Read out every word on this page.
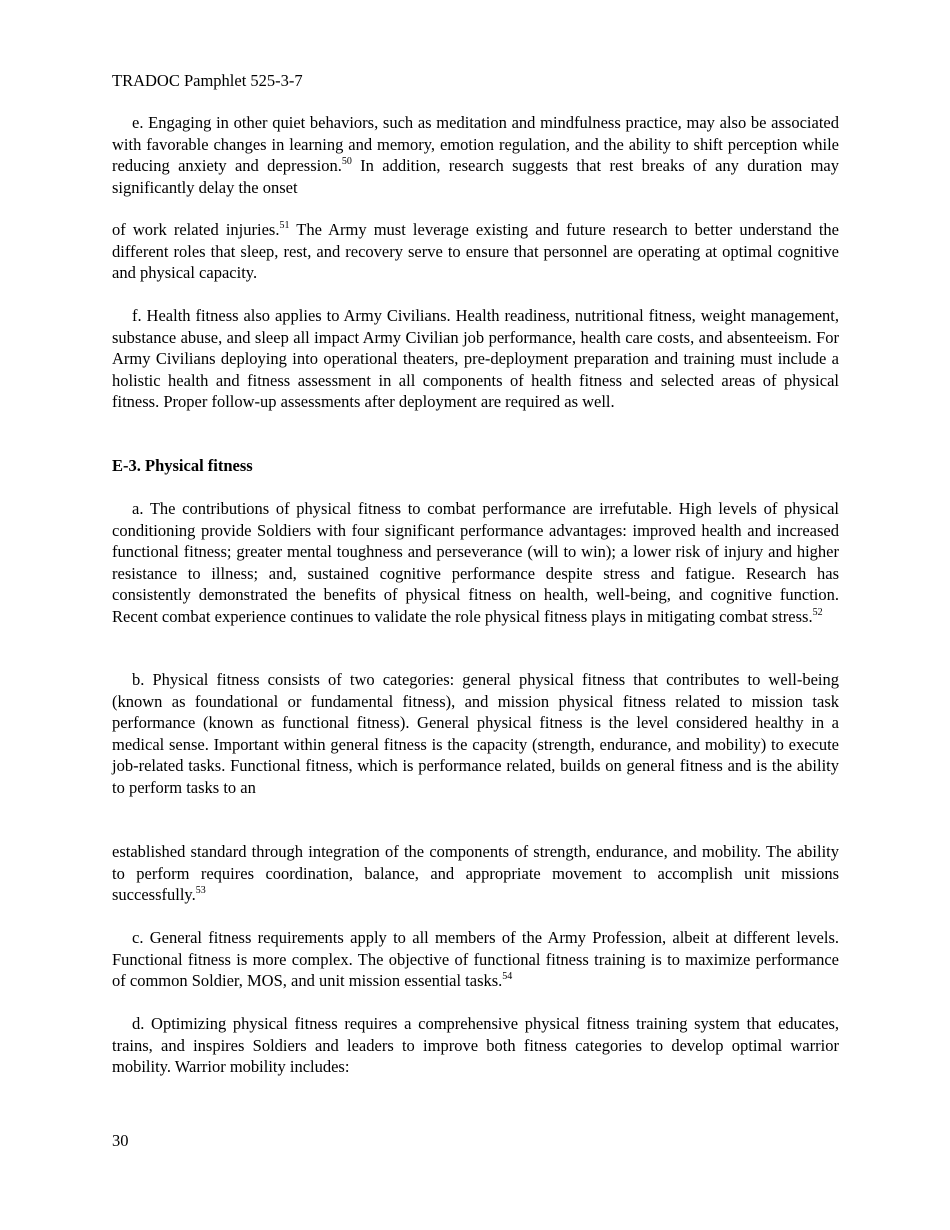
TRADOC Pamphlet 525-3-7

e. Engaging in other quiet behaviors, such as meditation and mindfulness practice, may also be associated with favorable changes in learning and memory, emotion regulation, and the ability to shift perception while reducing anxiety and depression.$^{50}$ In addition, research suggests that rest breaks of any duration may significantly delay the onset

of work related injuries.$^{51}$ The Army must leverage existing and future research to better understand the different roles that sleep, rest, and recovery serve to ensure that personnel are operating at optimal cognitive and physical capacity.

f. Health fitness also applies to Army Civilians. Health readiness, nutritional fitness, weight management, substance abuse, and sleep all impact Army Civilian job performance, health care costs, and absenteeism. For Army Civilians deploying into operational theaters, pre-deployment preparation and training must include a holistic health and fitness assessment in all components of health fitness and selected areas of physical fitness. Proper follow-up assessments after deployment are required as well.

E-3. Physical fitness

a. The contributions of physical fitness to combat performance are irrefutable. High levels of physical conditioning provide Soldiers with four significant performance advantages: improved health and increased functional fitness; greater mental toughness and perseverance (will to win); a lower risk of injury and higher resistance to illness; and, sustained cognitive performance despite stress and fatigue. Research has consistently demonstrated the benefits of physical fitness on health, well-being, and cognitive function. Recent combat experience continues to validate the role physical fitness plays in mitigating combat stress.$^{52}$

b. Physical fitness consists of two categories: general physical fitness that contributes to well-being (known as foundational or fundamental fitness), and mission physical fitness related to mission task performance (known as functional fitness). General physical fitness is the level considered healthy in a medical sense. Important within general fitness is the capacity (strength, endurance, and mobility) to execute job-related tasks. Functional fitness, which is performance related, builds on general fitness and is the ability to perform tasks to an

established standard through integration of the components of strength, endurance, and mobility. The ability to perform requires coordination, balance, and appropriate movement to accomplish unit missions successfully.$^{53}$

c. General fitness requirements apply to all members of the Army Profession, albeit at different levels. Functional fitness is more complex. The objective of functional fitness training is to maximize performance of common Soldier, MOS, and unit mission essential tasks.$^{54}$

d. Optimizing physical fitness requires a comprehensive physical fitness training system that educates, trains, and inspires Soldiers and leaders to improve both fitness categories to develop optimal warrior mobility. Warrior mobility includes:

30
